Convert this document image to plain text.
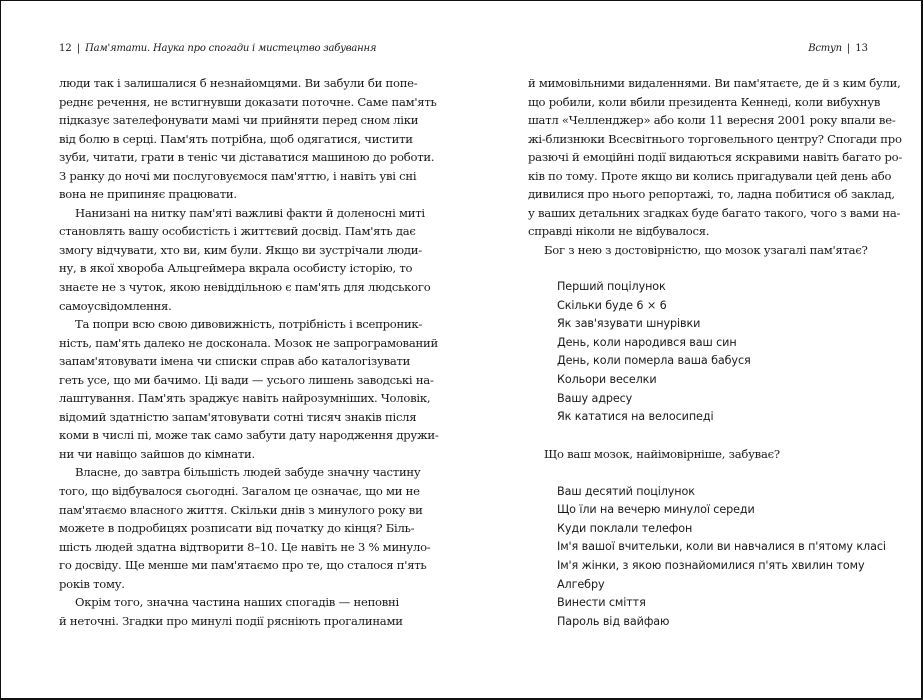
12 | Пам'ятати. Наука про спогади і мистецтво забування
люди так і залишалися б незнайомцями. Ви забули би попе-
реднє речення, не встигнувши доказати поточне. Саме пам'ять
підказує зателефонувати мамі чи прийняти перед сном ліки
від болю в серці. Пам'ять потрібна, щоб одягатися, чистити
зуби, читати, грати в теніс чи діставатися машиною до роботи.
З ранку до ночі ми послуговуємося пам'яттю, і навіть уві сні
вона не припиняє працювати.
Нанизані на нитку пам'яті важливі факти й доленосні миті
становлять вашу особистість і життєвий досвід. Пам'ять дає
змогу відчувати, хто ви, ким були. Якщо ви зустрічали люди-
ну, в якої хвороба Альцгеймера вкрала особисту історію, то
знаєте не з чуток, якою невіддільною є пам'ять для людського
самоусвідомлення.
Та попри всю свою дивовижність, потрібність і всепроник-
ність, пам'ять далеко не досконала. Мозок не запрограмований
запам'ятовувати імена чи списки справ або каталогізувати
геть усе, що ми бачимо. Ці вади — усього лишень заводські на-
лаштування. Пам'ять зраджує навіть найрозумніших. Чоловік,
відомий здатністю запам'ятовувати сотні тисяч знаків після
коми в числі пі, може так само забути дату народження дружи-
ни чи навіщо зайшов до кімнати.
Власне, до завтра більшість людей забуде значну частину
того, що відбувалося сьогодні. Загалом це означає, що ми не
пам'ятаємо власного життя. Скільки днів з минулого року ви
можете в подробицях розписати від початку до кінця? Біль-
шість людей здатна відтворити 8–10. Це навіть не 3 % минуло-
го досвіду. Ще менше ми пам'ятаємо про те, що сталося п'ять
років тому.
Окрім того, значна частина наших спогадів — неповні
й неточні. Згадки про минулі події рясніють прогалинами
Вступ | 13
й мимовільними видаленнями. Ви пам'ятаєте, де й з ким були,
що робили, коли вбили президента Кеннеді, коли вибухнув
шатл «Челленджер» або коли 11 вересня 2001 року впали ве-
жі-близнюки Всесвітнього торговельного центру? Спогади про
разючі й емоційні події видаються яскравими навіть багато ро-
ків по тому. Проте якщо ви колись пригадували цей день або
дивилися про нього репортажі, то, ладна побитися об заклад,
у ваших детальних згадках буде багато такого, чого з вами на-
справді ніколи не відбувалося.
Бог з нею з достовірністю, що мозок узагалі пам'ятає?
Перший поцілунок
Скільки буде 6 × 6
Як зав'язувати шнурівки
День, коли народився ваш син
День, коли померла ваша бабуся
Кольори веселки
Вашу адресу
Як кататися на велосипеді
Що ваш мозок, найімовірніше, забуває?
Ваш десятий поцілунок
Що їли на вечерю минулої середи
Куди поклали телефон
Ім'я вашої вчительки, коли ви навчалися в п'ятому класі
Ім'я жінки, з якою познайомилися п'ять хвилин тому
Алгебру
Винести сміття
Пароль від вайфаю
